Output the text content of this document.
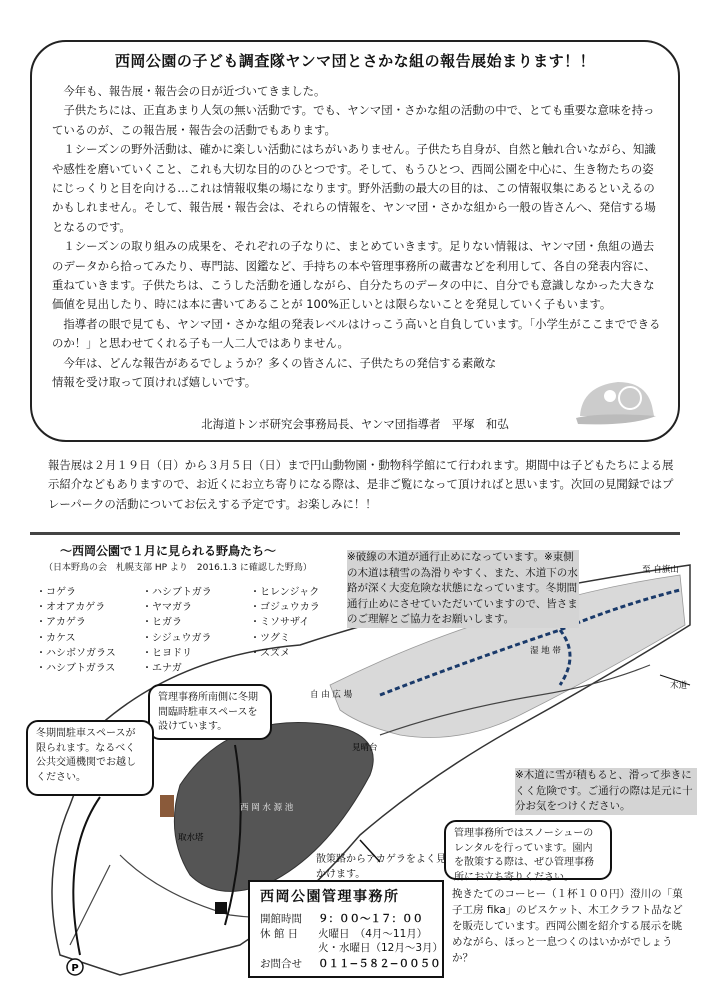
西岡公園の子ども調査隊ヤンマ団とさかな組の報告展始まります！！

今年も、報告展・報告会の日が近づいてきました。

子供たちには、正直あまり人気の無い活動です。でも、ヤンマ団・さかな組の活動の中で、とても重要な意味を持っているのが、この報告展・報告会の活動でもあります。

１シーズンの野外活動は、確かに楽しい活動にはちがいありません。子供たち自身が、自然と触れ合いながら、知識や感性を磨いていくこと、これも大切な目的のひとつです。そして、もうひとつ、西岡公園を中心に、生き物たちの姿にじっくりと目を向ける…これは情報収集の場になります。野外活動の最大の目的は、この情報収集にあるといえるのかもしれません。そして、報告展・報告会は、それらの情報を、ヤンマ団・さかな組から一般の皆さんへ、発信する場となるのです。

１シーズンの取り組みの成果を、それぞれの子なりに、まとめていきます。足りない情報は、ヤンマ団・魚組の過去のデータから拾ってみたり、専門誌、図鑑など、手持ちの本や管理事務所の蔵書などを利用して、各自の発表内容に、重ねていきます。子供たちは、こうした活動を通しながら、自分たちのデータの中に、自分でも意識しなかった大きな価値を見出したり、時には本に書いてあることが 100%正しいとは限らないことを発見していく子もいます。

指導者の眼で見ても、ヤンマ団・さかな組の発表レベルはけっこう高いと自負しています。「小学生がここまでできるのか！」と思わせてくれる子も一人二人ではありません。

今年は、どんな報告があるでしょうか？多くの皆さんに、子供たちの発信する素敵な

情報を受け取って頂ければ嬉しいです。

北海道トンボ研究会事務局長、ヤンマ団指導者　平塚　和弘
報告展は２月１９日（日）から３月５日（日）まで円山動物園・動物科学館にて行われます。期間中は子どもたちによる展示紹介などもありますので、お近くにお立ち寄りになる際は、是非ご覧になって頂ければと思います。次回の見聞録ではプレーパークの活動についてお伝えする予定です。お楽しみに！！
P
至 自旗山
湿 地 帯
木道
自 由 広 場
見晴台
西 岡 水 源 池
取水塔
〜西岡公園で１月に見られる野鳥たち〜
（日本野鳥の会　札幌支部 HP より　2016.1.3 に確認した野鳥）
・コゲラ
・オオアカゲラ
・アカゲラ
・カケス
・ハシボソガラス
・ハシブトガラス
・ハシブトガラ
・ヤマガラ
・ヒガラ
・シジュウガラ
・ヒヨドリ
・エナガ
・ヒレンジャク
・ゴジュウカラ
・ミソサザイ
・ツグミ
・スズメ
※破線の木道が通行止めになっています。※東側の木道は積雪の為滑りやすく、また、木道下の水路が深く大変危険な状態になっています。冬期間通行止めにさせていただいていますので、皆さまのご理解とご協力をお願いします。
※木道に雪が積もると、滑って歩きにくく危険です。ご通行の際は足元に十分お気をつけください。
管理事務所南側に冬期間臨時駐車スペースを設けています。
冬期間駐車スペースが限られます。なるべく公共交通機関でお越しください。
管理事務所ではスノーシューのレンタルを行っています。園内を散策する際は、ぜひ管理事務所にお立ち寄りください。
散策路からアカゲラをよく見かけます。
西岡公園管理事務所
開館時間 ９：００〜１７：００
休 館 日 火曜日　（4月〜11月）
火・水曜日（12月〜3月）
お問合せ ０１１−５８２−００５０
挽きたてのコーヒー（１杯１００円）澄川の「菓子工房 fika」のビスケット、木工クラフト品などを販売しています。西岡公園を紹介する展示を眺めながら、ほっと一息つくのはいかがでしょうか？
